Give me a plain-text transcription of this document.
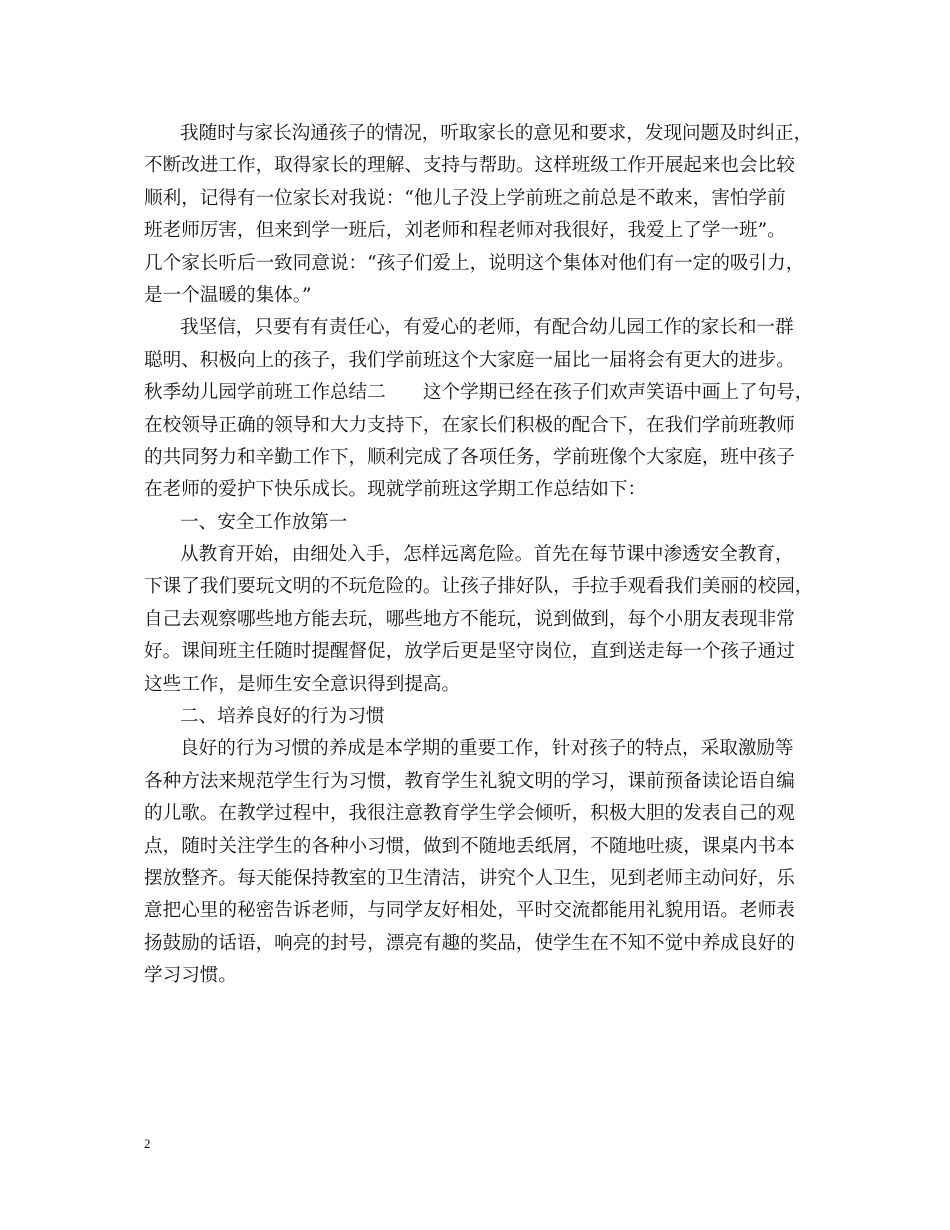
我随时与家长沟通孩子的情况，听取家长的意见和要求，发现问题及时纠正，
不断改进工作，取得家长的理解、支持与帮助。这样班级工作开展起来也会比较
顺利，记得有一位家长对我说：“他儿子没上学前班之前总是不敢来，害怕学前
班老师厉害，但来到学一班后，刘老师和程老师对我很好，我爱上了学一班”。
几个家长听后一致同意说：“孩子们爱上，说明这个集体对他们有一定的吸引力，
是一个温暖的集体。”
我坚信，只要有有责任心，有爱心的老师，有配合幼儿园工作的家长和一群
聪明、积极向上的孩子，我们学前班这个大家庭一届比一届将会有更大的进步。
秋季幼儿园学前班工作总结二　　这个学期已经在孩子们欢声笑语中画上了句号，
在校领导正确的领导和大力支持下，在家长们积极的配合下，在我们学前班教师
的共同努力和辛勤工作下，顺利完成了各项任务，学前班像个大家庭，班中孩子
在老师的爱护下快乐成长。现就学前班这学期工作总结如下：
一、安全工作放第一
从教育开始，由细处入手，怎样远离危险。首先在每节课中渗透安全教育，
下课了我们要玩文明的不玩危险的。让孩子排好队，手拉手观看我们美丽的校园，
自己去观察哪些地方能去玩，哪些地方不能玩，说到做到，每个小朋友表现非常
好。课间班主任随时提醒督促，放学后更是坚守岗位，直到送走每一个孩子通过
这些工作，是师生安全意识得到提高。
二、培养良好的行为习惯
良好的行为习惯的养成是本学期的重要工作，针对孩子的特点，采取激励等
各种方法来规范学生行为习惯，教育学生礼貌文明的学习，课前预备读论语自编
的儿歌。在教学过程中，我很注意教育学生学会倾听，积极大胆的发表自己的观
点，随时关注学生的各种小习惯，做到不随地丢纸屑，不随地吐痰，课桌内书本
摆放整齐。每天能保持教室的卫生清洁，讲究个人卫生，见到老师主动问好，乐
意把心里的秘密告诉老师，与同学友好相处，平时交流都能用礼貌用语。老师表
扬鼓励的话语，响亮的封号，漂亮有趣的奖品，使学生在不知不觉中养成良好的
学习习惯。
2
